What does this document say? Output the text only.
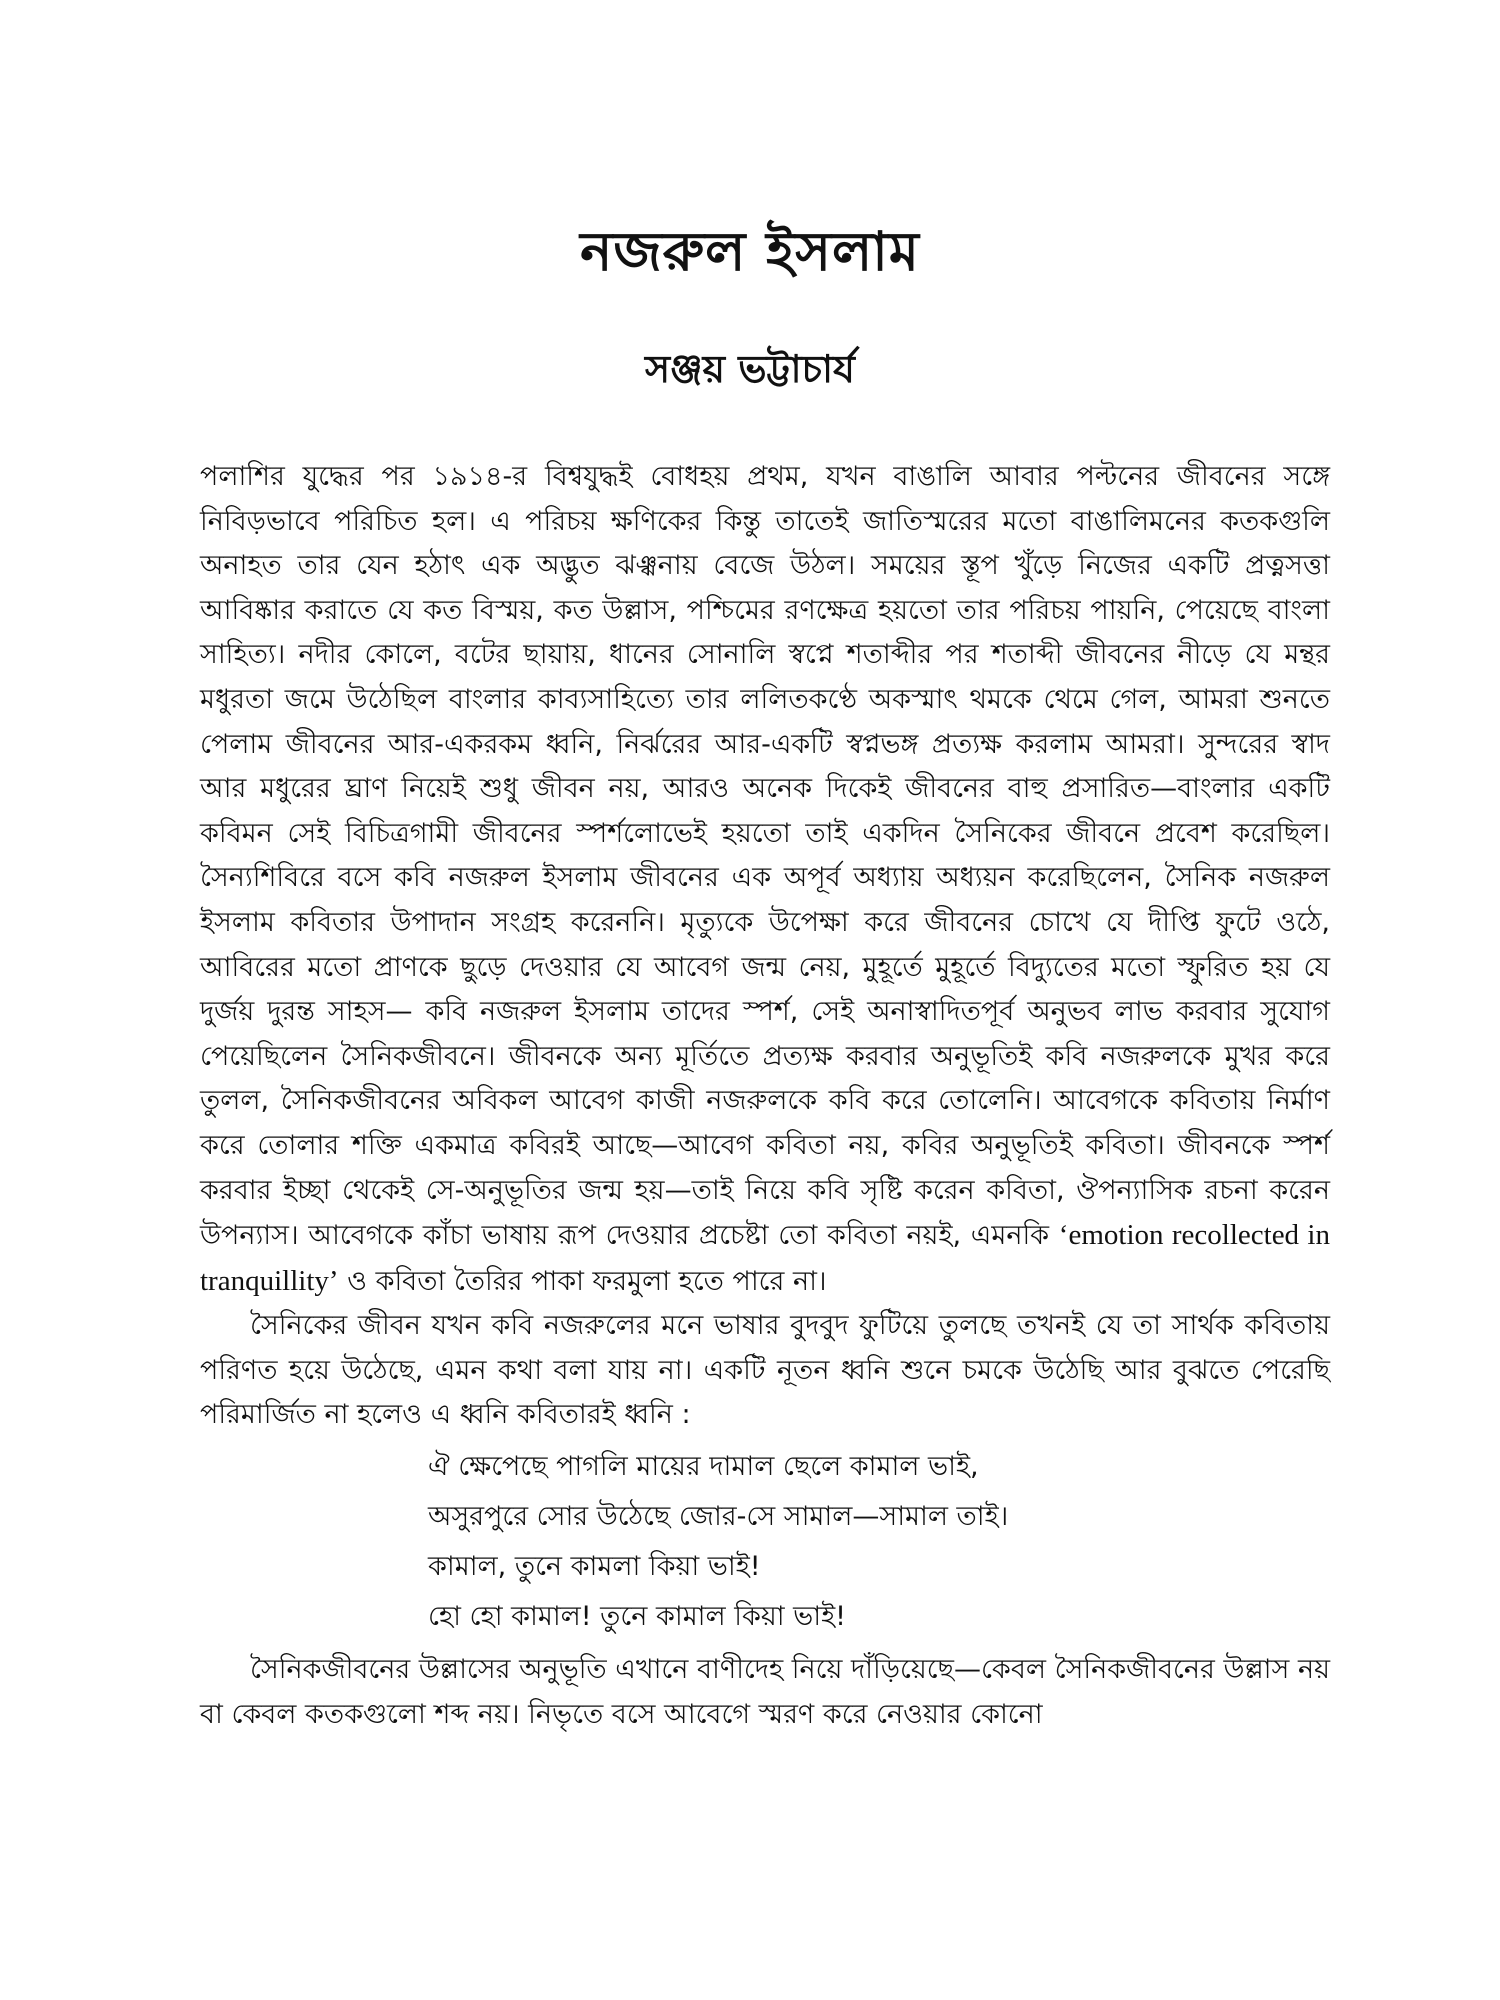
নজরুল ইসলাম
সঞ্জয় ভট্টাচার্য

পলাশির যুদ্ধের পর ১৯১৪-র বিশ্বযুদ্ধই বোধহয় প্রথম, যখন বাঙালি আবার পল্টনের জীবনের সঙ্গে নিবিড়ভাবে পরিচিত হল। এ পরিচয় ক্ষণিকের কিন্তু তাতেই জাতিস্মরের মতো বাঙালিমনের কতকগুলি অনাহত তার যেন হঠাৎ এক অদ্ভুত ঝঞ্ঝনায় বেজে উঠল। সময়ের স্তূপ খুঁড়ে নিজের একটি প্রত্নসত্তা আবিষ্কার করাতে যে কত বিস্ময়, কত উল্লাস, পশ্চিমের রণক্ষেত্র হয়তো তার পরিচয় পায়নি, পেয়েছে বাংলা সাহিত্য। নদীর কোলে, বটের ছায়ায়, ধানের সোনালি স্বপ্নে শতাব্দীর পর শতাব্দী জীবনের নীড়ে যে মন্থর মধুরতা জমে উঠেছিল বাংলার কাব্যসাহিত্যে তার ললিতকণ্ঠে অকস্মাৎ থমকে থেমে গেল, আমরা শুনতে পেলাম জীবনের আর-একরকম ধ্বনি, নির্ঝরের আর-একটি স্বপ্নভঙ্গ প্রত্যক্ষ করলাম আমরা। সুন্দরের স্বাদ আর মধুরের ঘ্রাণ নিয়েই শুধু জীবন নয়, আরও অনেক দিকেই জীবনের বাহু প্রসারিত—বাংলার একটি কবিমন সেই বিচিত্রগামী জীবনের স্পর্শলোভেই হয়তো তাই একদিন সৈনিকের জীবনে প্রবেশ করেছিল। সৈন্যশিবিরে বসে কবি নজরুল ইসলাম জীবনের এক অপূর্ব অধ্যায় অধ্যয়ন করেছিলেন, সৈনিক নজরুল ইসলাম কবিতার উপাদান সংগ্রহ করেননি। মৃত্যুকে উপেক্ষা করে জীবনের চোখে যে দীপ্তি ফুটে ওঠে, আবিরের মতো প্রাণকে ছুড়ে দেওয়ার যে আবেগ জন্ম নেয়, মুহূর্তে মুহূর্তে বিদ্যুতের মতো স্ফুরিত হয় যে দুর্জয় দুরন্ত সাহস— কবি নজরুল ইসলাম তাদের স্পর্শ, সেই অনাস্বাদিতপূর্ব অনুভব লাভ করবার সুযোগ পেয়েছিলেন সৈনিকজীবনে। জীবনকে অন্য মূর্তিতে প্রত্যক্ষ করবার অনুভূতিই কবি নজরুলকে মুখর করে তুলল, সৈনিকজীবনের অবিকল আবেগ কাজী নজরুলকে কবি করে তোলেনি। আবেগকে কবিতায় নির্মাণ করে তোলার শক্তি একমাত্র কবিরই আছে—আবেগ কবিতা নয়, কবির অনুভূতিই কবিতা। জীবনকে স্পর্শ করবার ইচ্ছা থেকেই সে-অনুভূতির জন্ম হয়—তাই নিয়ে কবি সৃষ্টি করেন কবিতা, ঔপন্যাসিক রচনা করেন উপন্যাস। আবেগকে কাঁচা ভাষায় রূপ দেওয়ার প্রচেষ্টা তো কবিতা নয়ই, এমনকি ‘emotion recollected in tranquillity’ ও কবিতা তৈরির পাকা ফরমুলা হতে পারে না।

সৈনিকের জীবন যখন কবি নজরুলের মনে ভাষার বুদবুদ ফুটিয়ে তুলছে তখনই যে তা সার্থক কবিতায় পরিণত হয়ে উঠেছে, এমন কথা বলা যায় না। একটি নূতন ধ্বনি শুনে চমকে উঠেছি আর বুঝতে পেরেছি পরিমার্জিত না হলেও এ ধ্বনি কবিতারই ধ্বনি :

ঐ ক্ষেপেছে পাগলি মায়ের দামাল ছেলে কামাল ভাই,
অসুরপুরে সোর উঠেছে জোর-সে সামাল—সামাল তাই।
কামাল, তুনে কামলা কিয়া ভাই!
হো হো কামাল! তুনে কামাল কিয়া ভাই!

সৈনিকজীবনের উল্লাসের অনুভূতি এখানে বাণীদেহ নিয়ে দাঁড়িয়েছে—কেবল সৈনিকজীবনের উল্লাস নয় বা কেবল কতকগুলো শব্দ নয়। নিভৃতে বসে আবেগে স্মরণ করে নেওয়ার কোনো
